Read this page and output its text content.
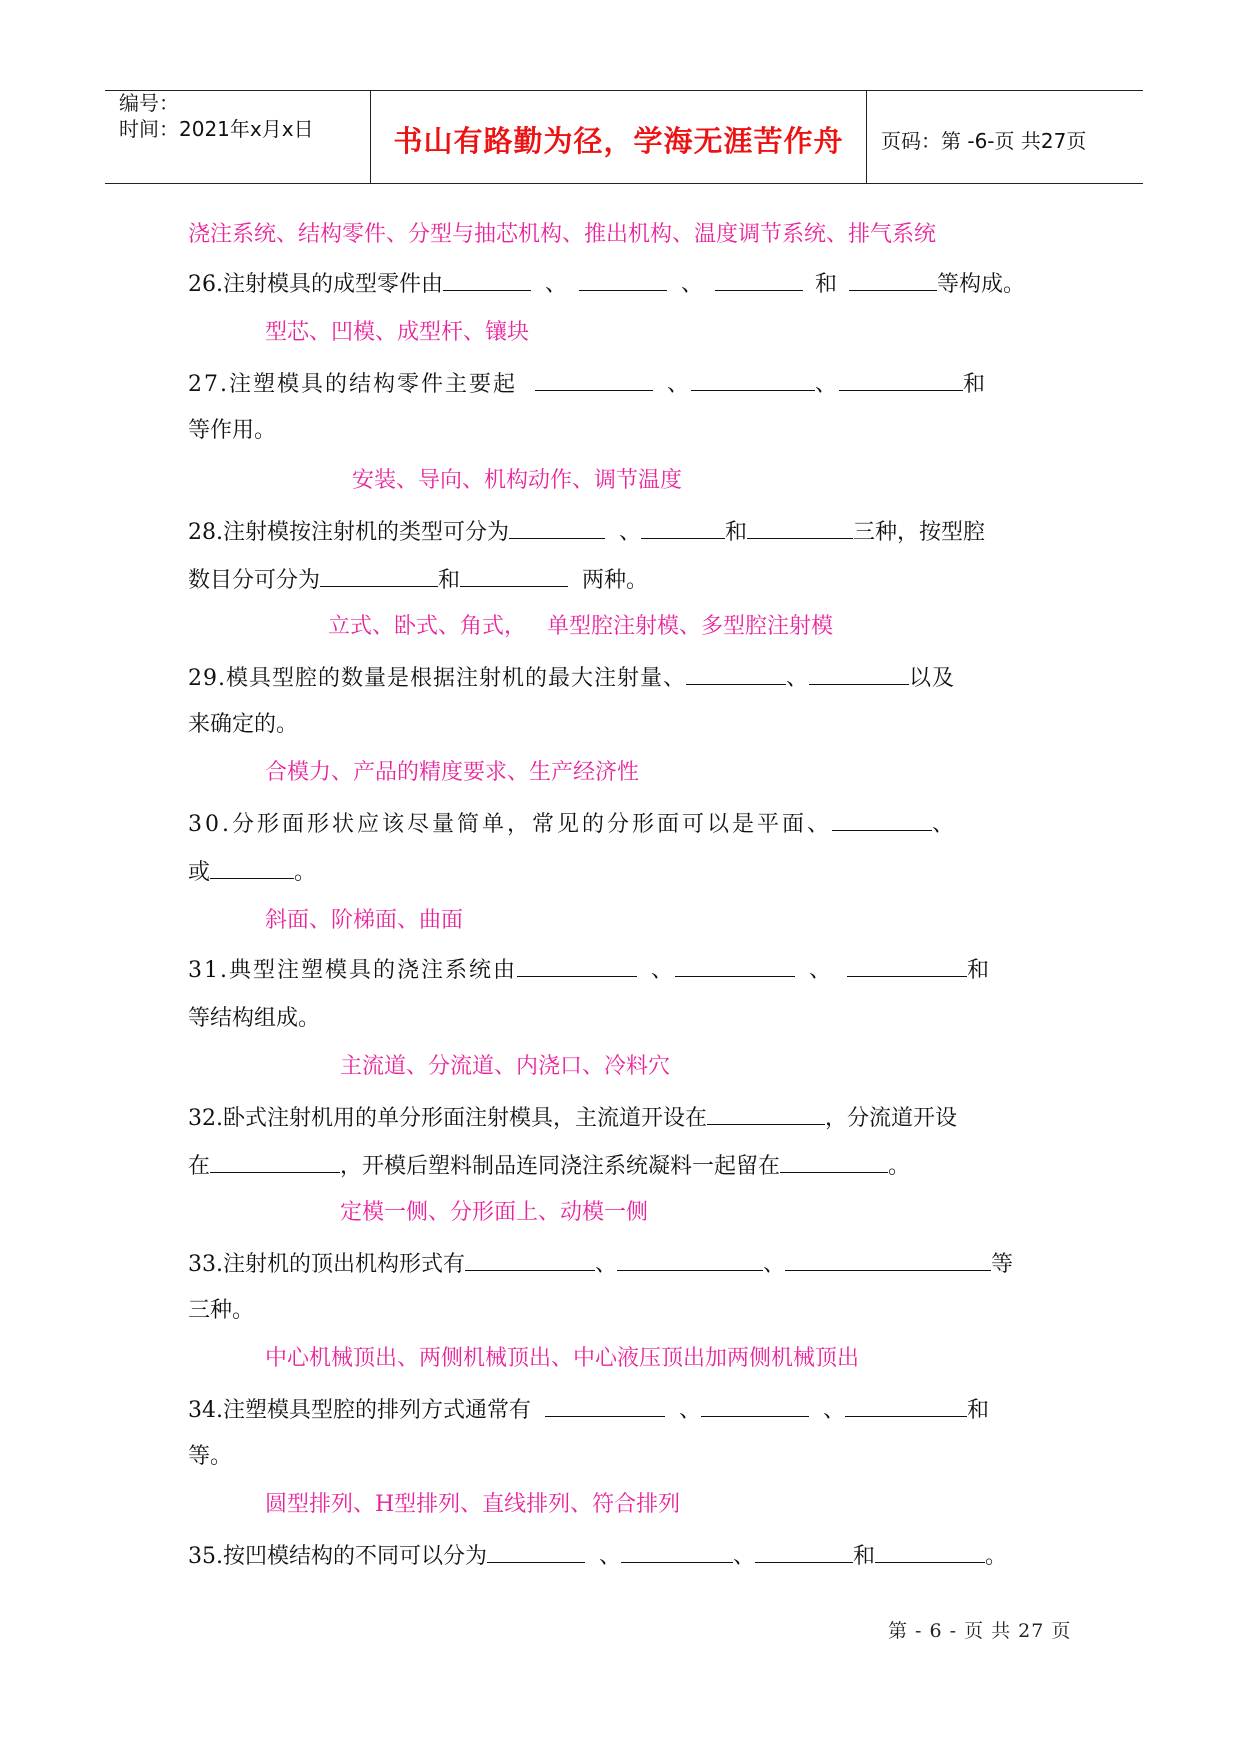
编号：
时间：2021年x月x日	书山有路勤为径，学海无涯苦作舟	页码：第 -6-页 共27页
浇注系统、结构零件、分型与抽芯机构、推出机构、温度调节系统、排气系统
26.注射模具的成型零件由	、	、	和	等构成。
型芯、凹模、成型杆、镶块
27.注塑模具的结构零件主要起	、	、	和
等作用。
安装、导向、机构动作、调节温度
28.注射模按注射机的类型可分为	、	和	三种，按型腔
数目分可分为	和	两种。
立式、卧式、角式，   单型腔注射模、多型腔注射模
29.模具型腔的数量是根据注射机的最大注射量、	、	以及
来确定的。
合模力、产品的精度要求、生产经济性
30.分形面形状应该尽量简单，常见的分形面可以是平面、	、
或	。
斜面、阶梯面、曲面
31.典型注塑模具的浇注系统由	、	、	和
等结构组成。
主流道、分流道、内浇口、冷料穴
32.卧式注射机用的单分形面注射模具，主流道开设在	，分流道开设
在	，开模后塑料制品连同浇注系统凝料一起留在	。
定模一侧、分形面上、动模一侧
33.注射机的顶出机构形式有	、	、	等
三种。
中心机械顶出、两侧机械顶出、中心液压顶出加两侧机械顶出
34.注塑模具型腔的排列方式通常有	、	、	和
等。
圆型排列、H型排列、直线排列、符合排列
35.按凹模结构的不同可以分为	、	、	和	。
第 - 6 - 页 共 27 页
